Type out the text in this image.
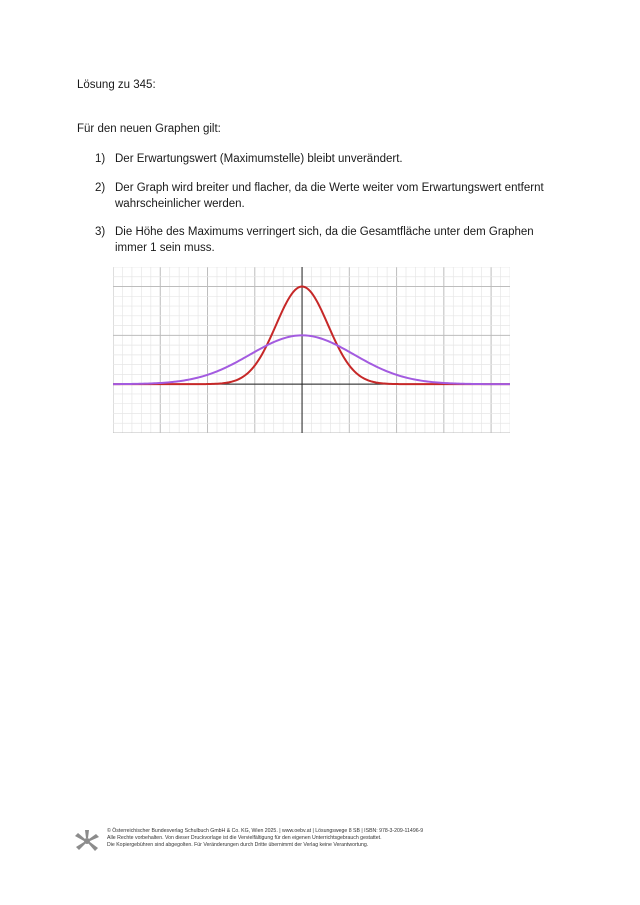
Lösung zu 345:
Für den neuen Graphen gilt:
1) Der Erwartungswert (Maximumstelle) bleibt unverändert.
2) Der Graph wird breiter und flacher, da die Werte weiter vom Erwartungswert entfernt wahrscheinlicher werden.
3) Die Höhe des Maximums verringert sich, da die Gesamtfläche unter dem Graphen immer 1 sein muss.
© Österreichischer Bundesverlag Schulbuch GmbH & Co. KG, Wien 2025. | www.oebv.at | Lösungswege 8 SB | ISBN: 978-3-209-11496-9
Alle Rechte vorbehalten. Von dieser Druckvorlage ist die Vervielfältigung für den eigenen Unterrichtsgebrauch gestattet.
Die Kopiergebühren sind abgegolten. Für Veränderungen durch Dritte übernimmt der Verlag keine Verantwortung.
